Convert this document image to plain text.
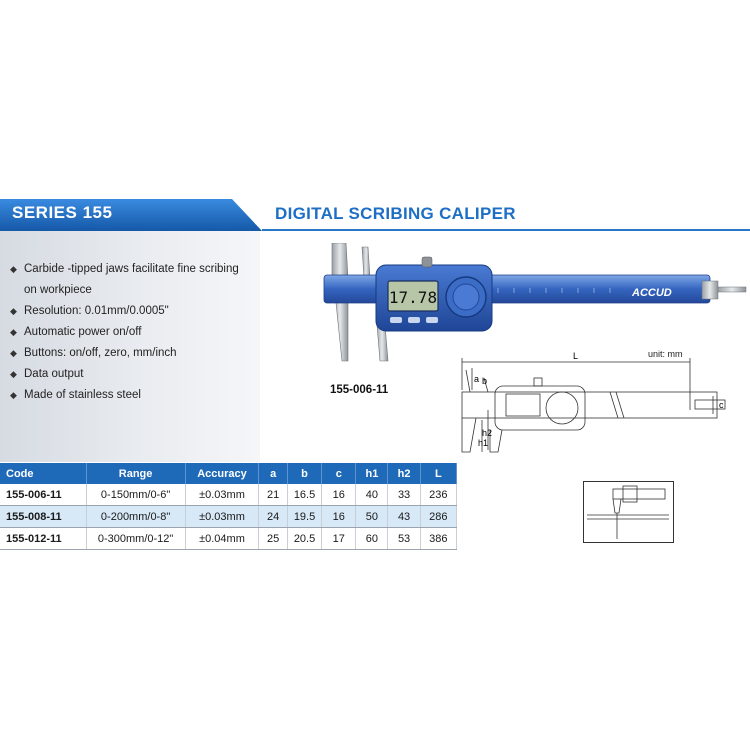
SERIES 155	DIGITAL SCRIBING CALIPER
◆ Carbide -tipped jaws facilitate fine scribing on workpiece
◆ Resolution: 0.01mm/0.0005"
◆ Automatic power on/off
◆ Buttons: on/off, zero, mm/inch
◆ Data output
◆ Made of stainless steel
ACCUD
17.78
155-006-11
unit: mm
L
a b
c
h1
h2
Code	Range	Accuracy	a	b	c	h1	h2	L
155-006-11	0-150mm/0-6"	±0.03mm	21	16.5	16	40	33	236
155-008-11	0-200mm/0-8"	±0.03mm	24	19.5	16	50	43	286
155-012-11	0-300mm/0-12"	±0.04mm	25	20.5	17	60	53	386
